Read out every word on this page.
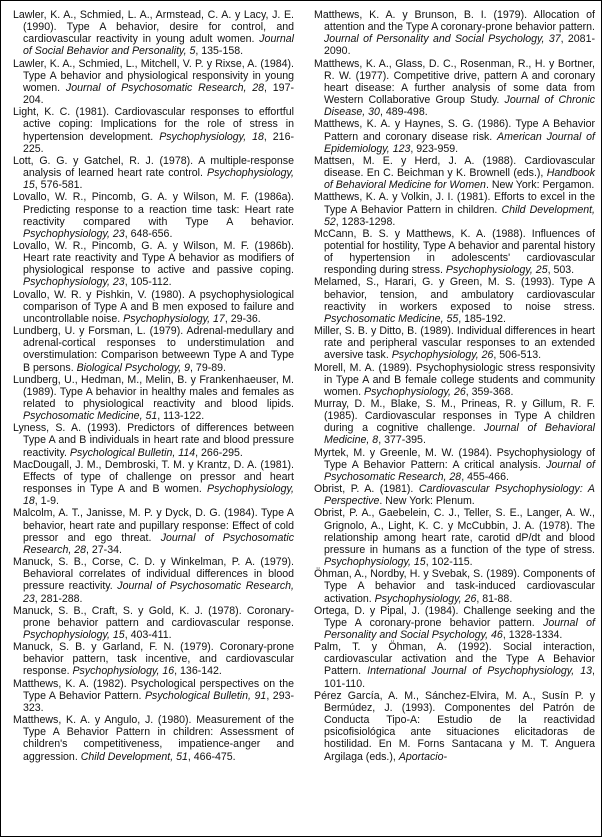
Lawler, K. A., Schmied, L. A., Armstead, C. A. y Lacy, J. E. (1990). Type A behavior, desire for control, and cardiovascular reactivity in young adult women. Journal of Social Behavior and Personality, 5, 135-158.

Lawler, K. A., Schmied, L., Mitchell, V. P. y Rixse, A. (1984). Type A behavior and physiological responsivity in young women. Journal of Psychosomatic Research, 28, 197-204.

Light, K. C. (1981). Cardiovascular responses to effortful active coping: Implications for the role of stress in hypertension development. Psychophysiology, 18, 216-225.

Lott, G. G. y Gatchel, R. J. (1978). A multiple-response analysis of learned heart rate control. Psychophysiology, 15, 576-581.

Lovallo, W. R., Pincomb, G. A. y Wilson, M. F. (1986a). Predicting response to a reaction time task: Heart rate reactivity compared with Type A behavior. Psychophysiology, 23, 648-656.

Lovallo, W. R., Pincomb, G. A. y Wilson, M. F. (1986b). Heart rate reactivity and Type A behavior as modifiers of physiological response to active and passive coping. Psychophysiology, 23, 105-112.

Lovallo, W. R. y Pishkin, V. (1980). A psychophysiological comparison of Type A and B men exposed to failure and uncontrollable noise. Psychophysiology, 17, 29-36.

Lundberg, U. y Forsman, L. (1979). Adrenal-medullary and adrenal-cortical responses to understimulation and overstimulation: Comparison betweewn Type A and Type B persons. Biological Psychology, 9, 79-89.

Lundberg, U., Hedman, M., Melin, B. y Frankenhaeuser, M. (1989). Type A behavior in healthy males and females as related to physiological reactivity and blood lipids. Psychosomatic Medicine, 51, 113-122.

Lyness, S. A. (1993). Predictors of differences between Type A and B individuals in heart rate and blood pressure reactivity. Psychological Bulletin, 114, 266-295.

MacDougall, J. M., Dembroski, T. M. y Krantz, D. A. (1981). Effects of type of challenge on pressor and heart responses in Type A and B women. Psychophysiology, 18, 1-9.

Malcolm, A. T., Janisse, M. P. y Dyck, D. G. (1984). Type A behavior, heart rate and pupillary response: Effect of cold pressor and ego threat. Journal of Psychosomatic Research, 28, 27-34.

Manuck, S. B., Corse, C. D. y Winkelman, P. A. (1979). Behavioral correlates of individual differences in blood pressure reactivity. Journal of Psychosomatic Research, 23, 281-288.

Manuck, S. B., Craft, S. y Gold, K. J. (1978). Coronary-prone behavior pattern and cardiovascular response. Psychophysiology, 15, 403-411.

Manuck, S. B. y Garland, F. N. (1979). Coronary-prone behavior pattern, task incentive, and cardiovascular response. Psychophysiology, 16, 136-142.

Matthews, K. A. (1982). Psychological perspectives on the Type A Behavior Pattern. Psychological Bulletin, 91, 293-323.

Matthews, K. A. y Angulo, J. (1980). Measurement of the Type A Behavior Pattern in children: Assessment of children's competitiveness, impatience-anger and aggression. Child Development, 51, 466-475.

Matthews, K. A. y Brunson, B. I. (1979). Allocation of attention and the Type A coronary-prone behavior pattern. Journal of Personality and Social Psychology, 37, 2081-2090.

Matthews, K. A., Glass, D. C., Rosenman, R., H. y Bortner, R. W. (1977). Competitive drive, pattern A and coronary heart disease: A further analysis of some data from Western Collaborative Group Study. Journal of Chronic Disease, 30, 489-498.

Matthews, K. A. y Haynes, S. G. (1986). Type A Behavior Pattern and coronary disease risk. American Journal of Epidemiology, 123, 923-959.

Mattsen, M. E. y Herd, J. A. (1988). Cardiovascular disease. En C. Beichman y K. Brownell (eds.), Handbook of Behavioral Medicine for Women. New York: Pergamon.

Matthews, K. A. y Volkin, J. I. (1981). Efforts to excel in the Type A Behavior Pattern in children. Child Development, 52, 1283-1298.

McCann, B. S. y Matthews, K. A. (1988). Influences of potential for hostility, Type A behavior and parental history of hypertension in adolescents' cardiovascular responding during stress. Psychophysiology, 25, 503.

Melamed, S., Harari, G. y Green, M. S. (1993). Type A behavior, tension, and ambulatory cardiovascular reactivity in workers exposed to noise stress. Psychosomatic Medicine, 55, 185-192.

Miller, S. B. y Ditto, B. (1989). Individual differences in heart rate and peripheral vascular responses to an extended aversive task. Psychophysiology, 26, 506-513.

Morell, M. A. (1989). Psychophysiologic stress responsivity in Type A and B female college students and community women. Psychophysiology, 26, 359-368.

Murray, D. M., Blake, S. M., Prineas, R. y Gillum, R. F. (1985). Cardiovascular responses in Type A children during a cognitive challenge. Journal of Behavioral Medicine, 8, 377-395.

Myrtek, M. y Greenle, M. W. (1984). Psychophysiology of Type A Behavior Pattern: A critical analysis. Journal of Psychosomatic Research, 28, 455-466.

Obrist, P. A. (1981). Cardiovascular Psychophysiology: A Perspective. New York: Plenum.

Obrist, P. A., Gaebelein, C. J., Teller, S. E., Langer, A. W., Grignolo, A., Light, K. C. y McCubbin, J. A. (1978). The relationship among heart rate, carotid dP/dt and blood pressure in humans as a function of the type of stress. Psychophysiology, 15, 102-115.

Öhman, A., Nordby, H. y Svebak, S. (1989). Components of Type A behavior and task-induced cardiovascular activation. Psychophysiology, 26, 81-88.

Ortega, D. y Pipal, J. (1984). Challenge seeking and the Type A coronary-prone behavior pattern. Journal of Personality and Social Psychology, 46, 1328-1334.

Palm, T. y Öhman, A. (1992). Social interaction, cardiovascular activation and the Type A Behavior Pattern. International Journal of Psychophysiology, 13, 101-110.

Pérez García, A. M., Sánchez-Elvira, M. A., Susín P. y Bermúdez, J. (1993). Componentes del Patrón de Conducta Tipo-A: Estudio de la reactividad psicofisiológica ante situaciones elicitadoras de hostilidad. En M. Forns Santacana y M. T. Anguera Argilaga (eds.), Aportacio-
